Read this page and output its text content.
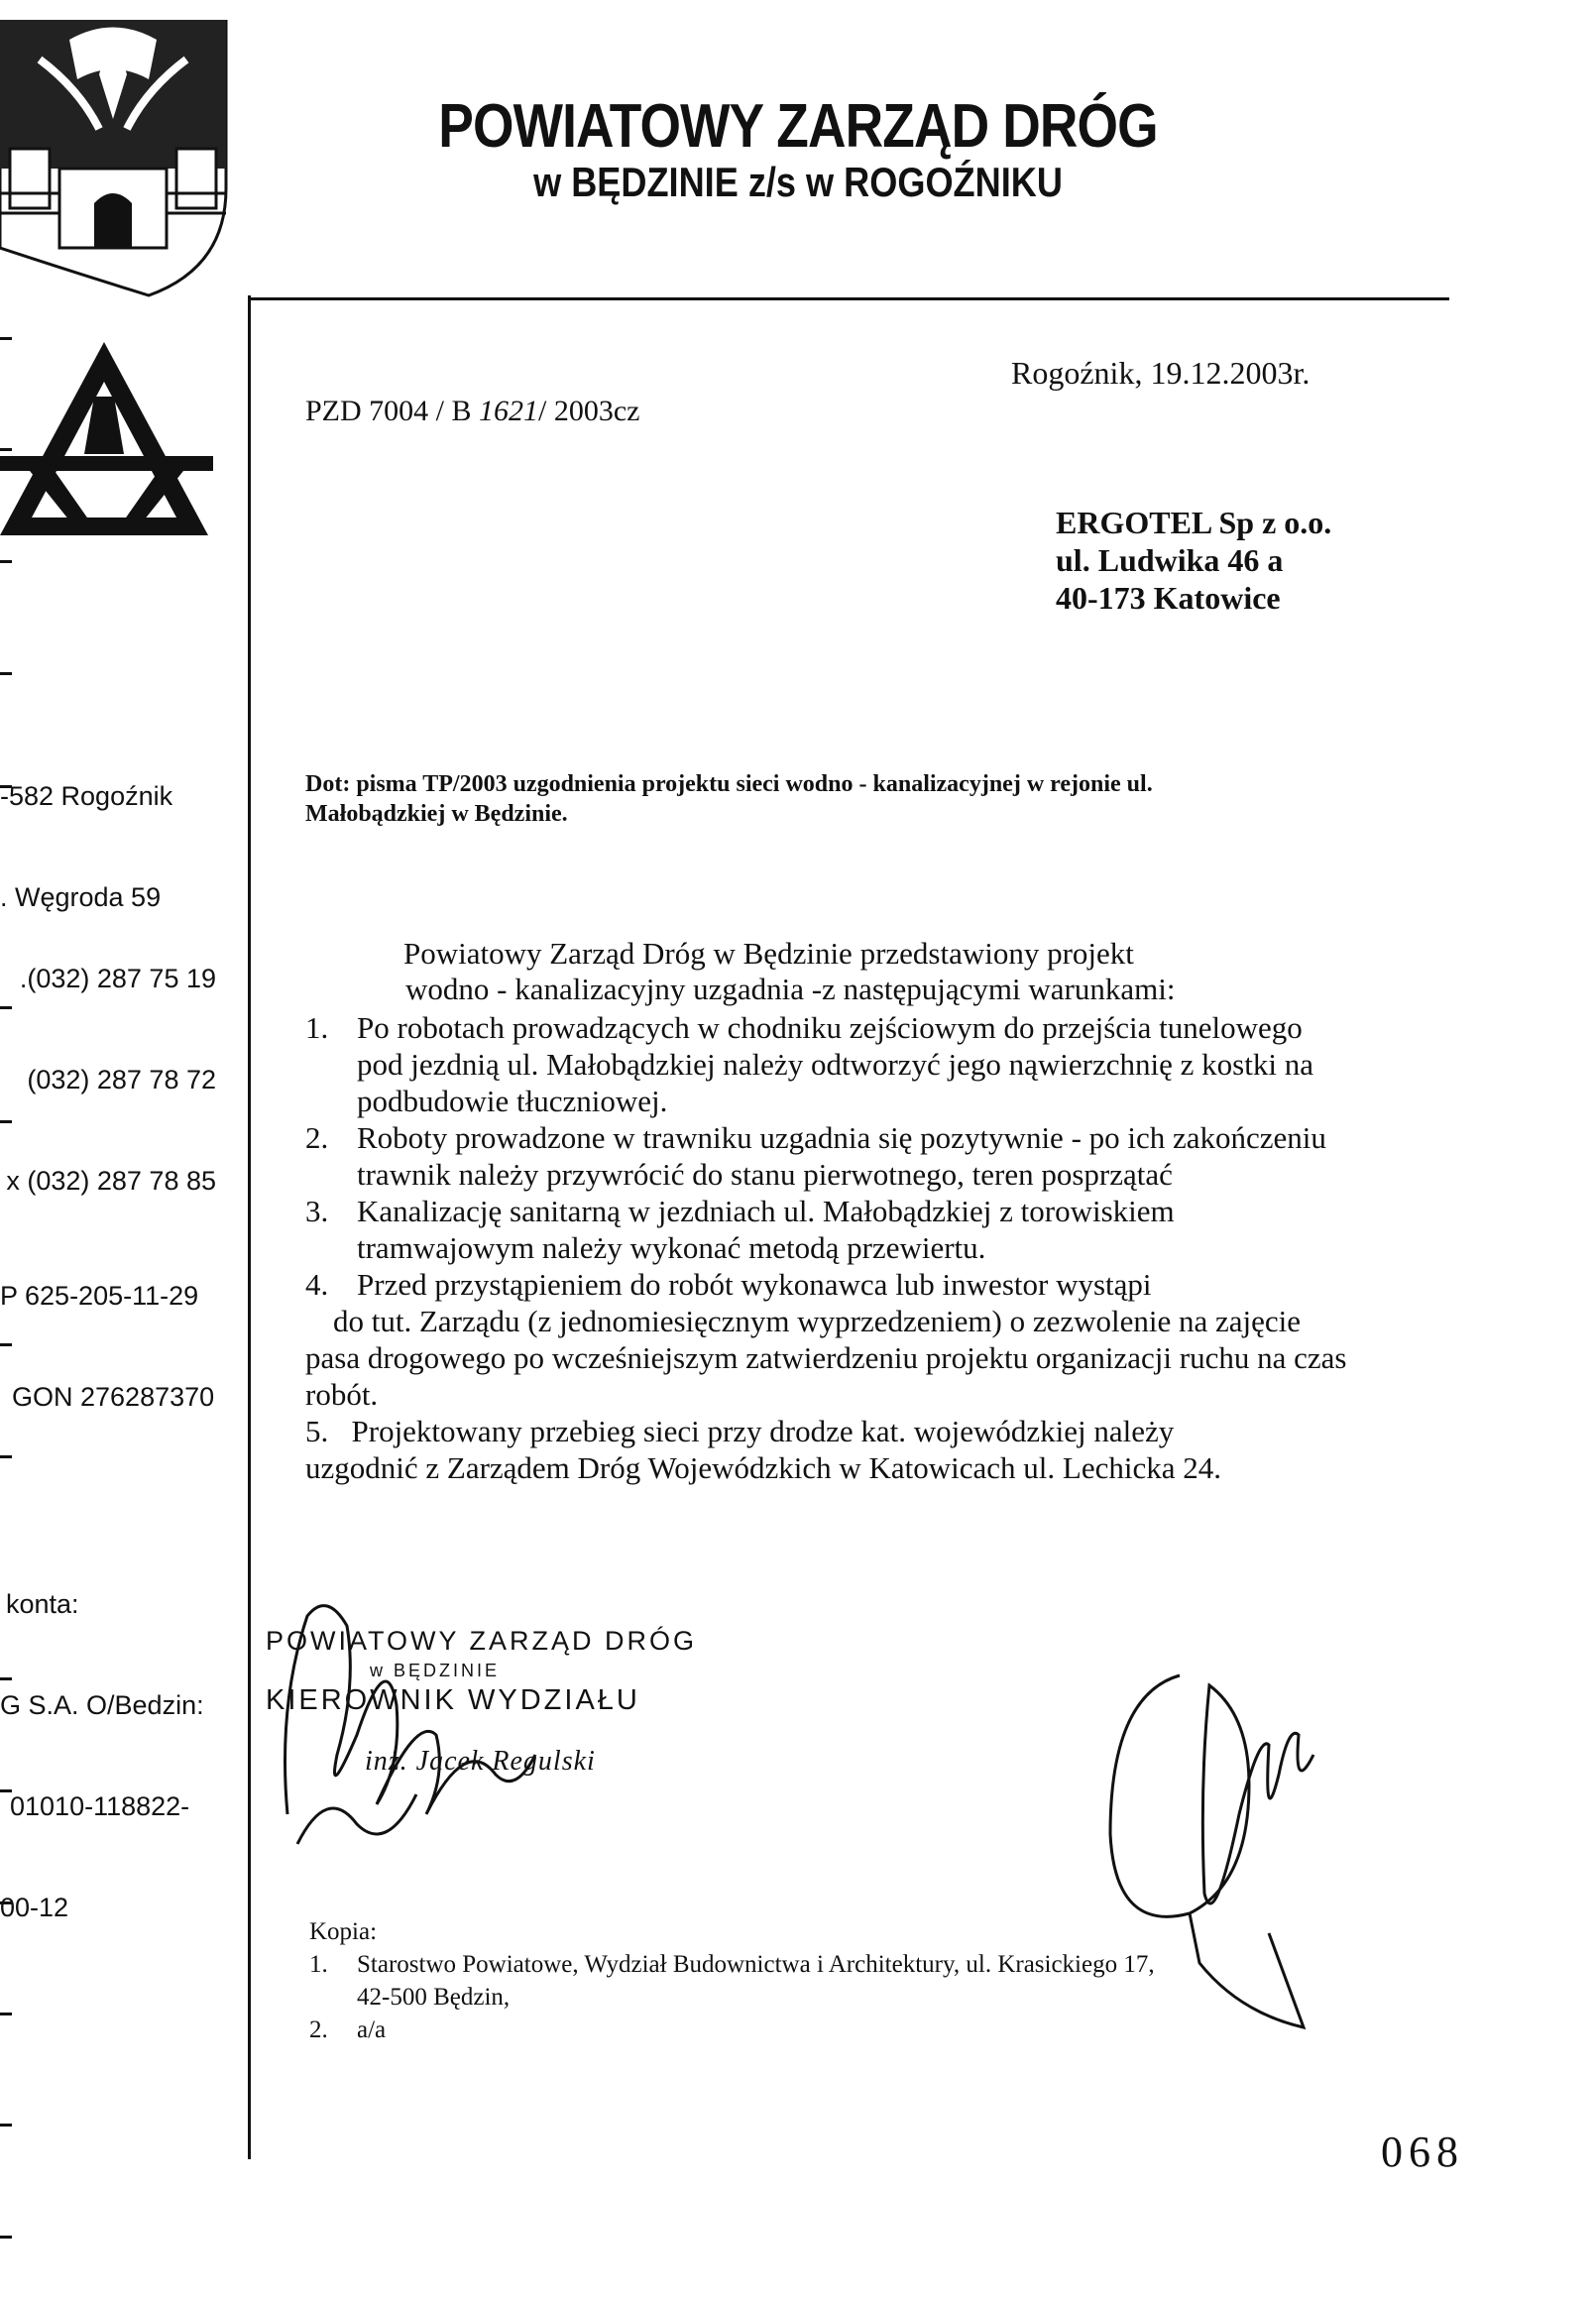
POWIATOWY ZARZĄD DRÓG
w BĘDZINIE z/s w ROGOŹNIKU

-582 Rogoźnik

. Węgroda 59

.(032) 287 75 19

(032) 287 78 72

x (032) 287 78 85

P 625-205-11-29

GON 276287370

konta:

G S.A. O/Bedzin:

01010-118822-

00-12

PZD 7004 / B 1621/ 2003cz
Rogoźnik, 19.12.2003r.
ERGOTEL Sp z o.o.
ul. Ludwika 46 a
40-173 Katowice
Dot: pisma TP/2003 uzgodnienia projektu sieci wodno - kanalizacyjnej w rejonie ul. Małobądzkiej w Będzinie.
Powiatowy Zarząd Dróg w Będzinie przedstawiony projekt
wodno - kanalizacyjny uzgadnia -z następującymi warunkami:
1. Po robotach prowadzących w chodniku zejściowym do przejścia tunelowego pod jezdnią ul. Małobądzkiej należy odtworzyć jego nąwierzchnię z kostki na podbudowie tłuczniowej.
2. Roboty prowadzone w trawniku uzgadnia się pozytywnie - po ich zakończeniu trawnik należy przywrócić do stanu pierwotnego, teren posprzątać
3. Kanalizację sanitarną w jezdniach ul. Małobądzkiej z torowiskiem tramwajowym należy wykonać metodą przewiertu.
4. Przed przystąpieniem do robót wykonawca lub inwestor wystąpi
do tut. Zarządu (z jednomiesięcznym wyprzedzeniem) o zezwolenie na zajęcie pasa drogowego po wcześniejszym zatwierdzeniu projektu organizacji ruchu na czas robót.
5. Projektowany przebieg sieci przy drodze kat. wojewódzkiej należy
uzgodnić z Zarządem Dróg Wojewódzkich w Katowicach ul. Lechicka 24.
POWIATOWY ZARZĄD DRÓG
w BĘDZINIE
KIEROWNIK WYDZIAŁU
inż. Jacek Regulski
Kopia:
1. Starostwo Powiatowe, Wydział Budownictwa i Architektury, ul. Krasickiego 17,
42-500 Będzin,
2. a/a
068
